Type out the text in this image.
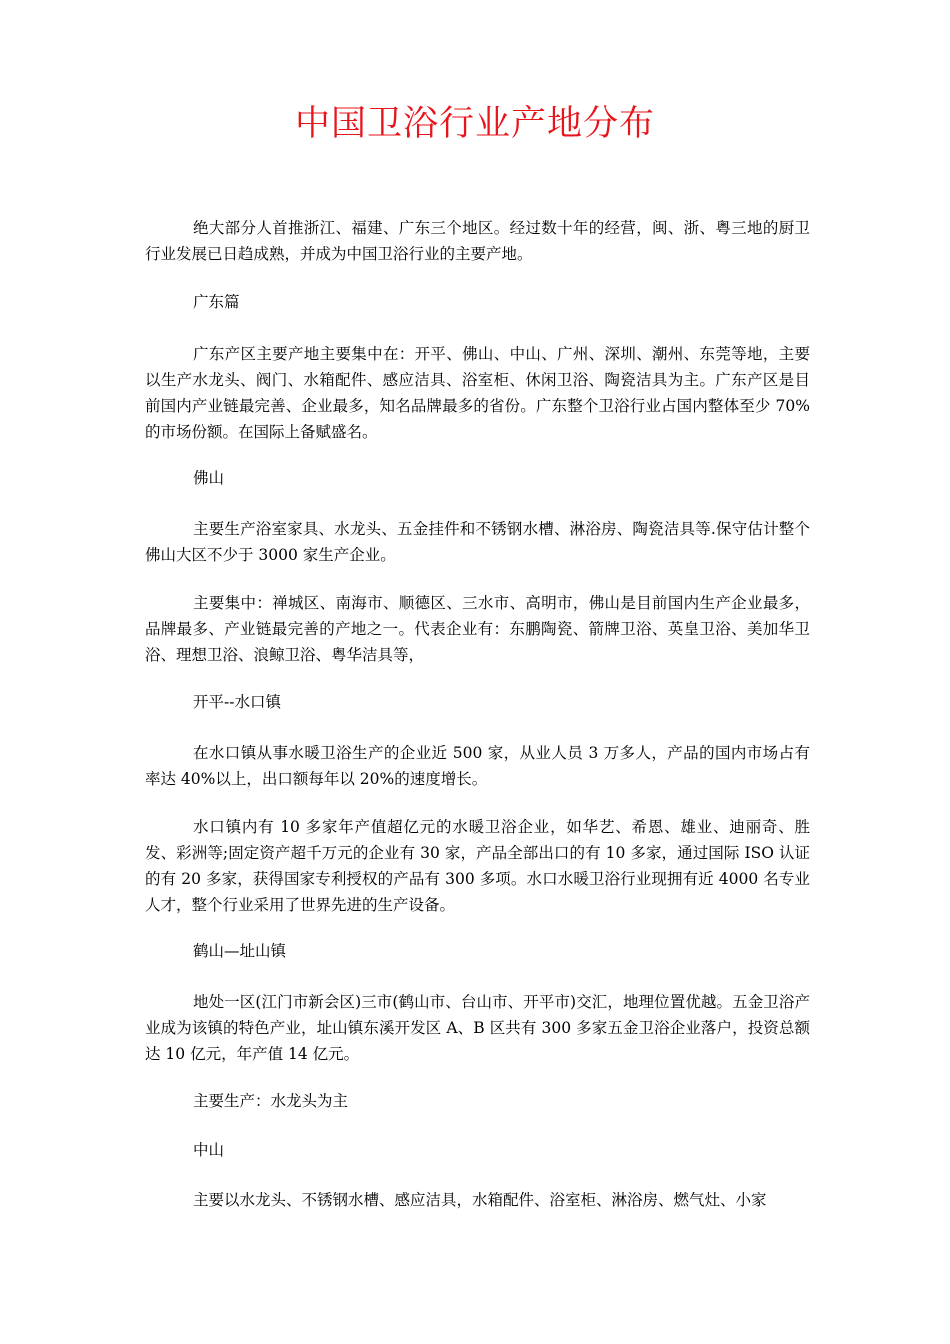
中国卫浴行业产地分布

绝大部分人首推浙江、福建、广东三个地区。经过数十年的经营，闽、浙、粤三地的厨卫行业发展已日趋成熟，并成为中国卫浴行业的主要产地。

广东篇

广东产区主要产地主要集中在：开平、佛山、中山、广州、深圳、潮州、东莞等地，主要以生产水龙头、阀门、水箱配件、感应洁具、浴室柜、休闲卫浴、陶瓷洁具为主。广东产区是目前国内产业链最完善、企业最多，知名品牌最多的省份。广东整个卫浴行业占国内整体至少 70%的市场份额。在国际上备赋盛名。

佛山

主要生产浴室家具、水龙头、五金挂件和不锈钢水槽、淋浴房、陶瓷洁具等.保守估计整个佛山大区不少于 3000 家生产企业。

主要集中：禅城区、南海市、顺德区、三水市、高明市，佛山是目前国内生产企业最多，品牌最多、产业链最完善的产地之一。代表企业有：东鹏陶瓷、箭牌卫浴、英皇卫浴、美加华卫浴、理想卫浴、浪鲸卫浴、粤华洁具等，

开平--水口镇

在水口镇从事水暖卫浴生产的企业近 500 家，从业人员 3 万多人，产品的国内市场占有率达 40%以上，出口额每年以 20%的速度增长。

水口镇内有 10 多家年产值超亿元的水暖卫浴企业，如华艺、希恩、雄业、迪丽奇、胜发、彩洲等;固定资产超千万元的企业有 30 家，产品全部出口的有 10 多家，通过国际 ISO 认证的有 20 多家，获得国家专利授权的产品有 300 多项。水口水暖卫浴行业现拥有近 4000 名专业人才，整个行业采用了世界先进的生产设备。

鹤山—址山镇

地处一区(江门市新会区)三市(鹤山市、台山市、开平市)交汇，地理位置优越。五金卫浴产业成为该镇的特色产业，址山镇东溪开发区 A、B 区共有 300 多家五金卫浴企业落户，投资总额达 10 亿元，年产值 14 亿元。

主要生产：水龙头为主

中山

主要以水龙头、不锈钢水槽、感应洁具，水箱配件、浴室柜、淋浴房、燃气灶、小家
